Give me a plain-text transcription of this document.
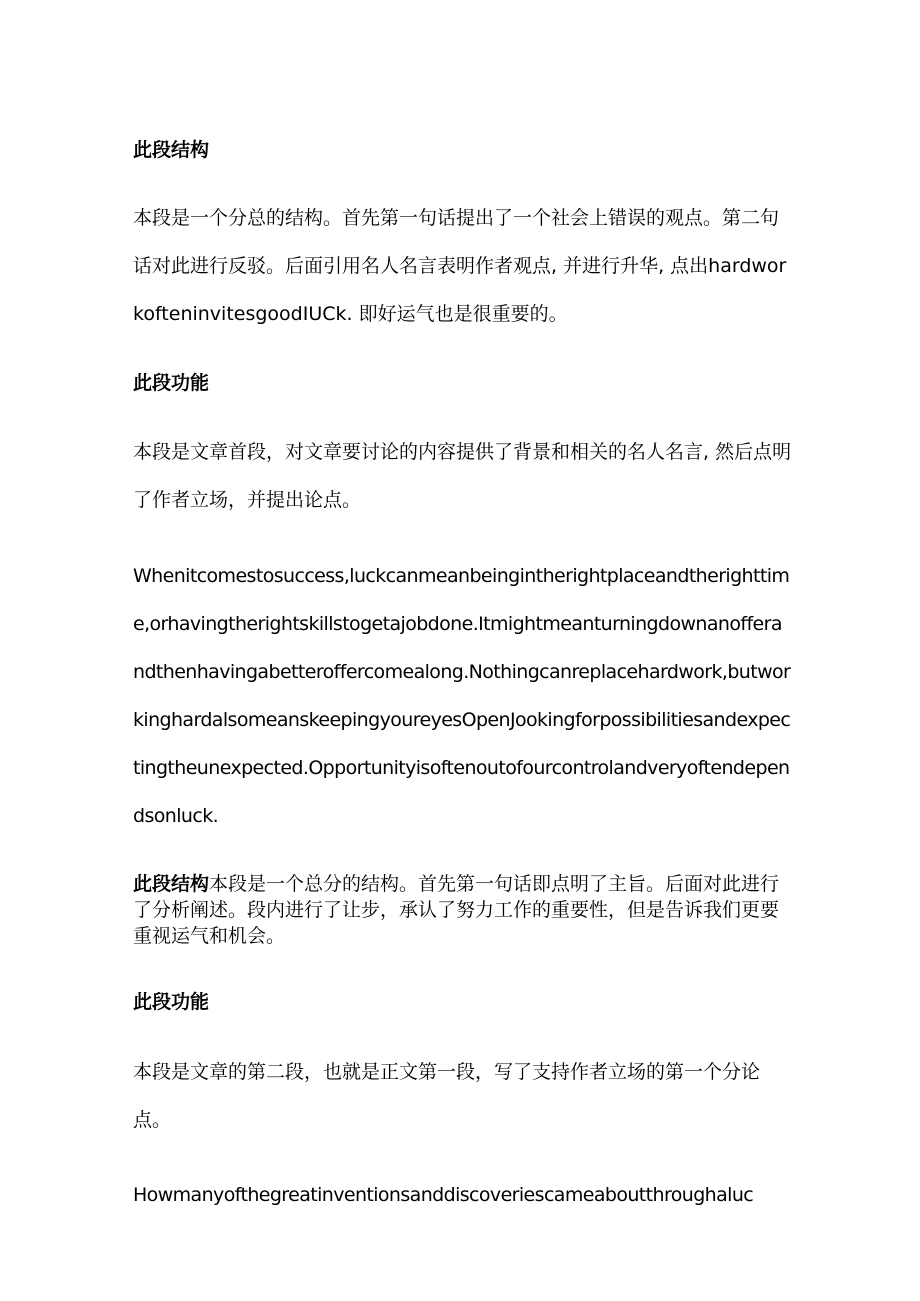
此段结构

本段是一个分总的结构。首先第一句话提出了一个社会上错误的观点。第二句话对此进行反驳。后面引用名人名言表明作者观点, 并进行升华, 点出hardworkofteninvitesgoodIUCk. 即好运气也是很重要的。

此段功能

本段是文章首段，对文章要讨论的内容提供了背景和相关的名人名言, 然后点明了作者立场，并提出论点。

Whenitcomestosuccess,luckcanmeanbeingintherightplaceandtherighttime,orhavingtherightskillstogetajobdone.Itmightmeanturningdownanofferandthenhavingabetteroffercomealong.Nothingcanreplacehardwork,butworkinghardalsomeanskeepingyoureyesOpenJookingforpossibilitiesandexpectingtheunexpected.Opportunityisoftenoutofourcontrolandveryoftendependsonluck.

此段结构本段是一个总分的结构。首先第一句话即点明了主旨。后面对此进行了分析阐述。段内进行了让步，承认了努力工作的重要性，但是告诉我们更要重视运气和机会。

此段功能

本段是文章的第二段，也就是正文第一段，写了支持作者立场的第一个分论点。

Howmanyofthegreatinventionsanddiscoveriescameaboutthroughaluc
